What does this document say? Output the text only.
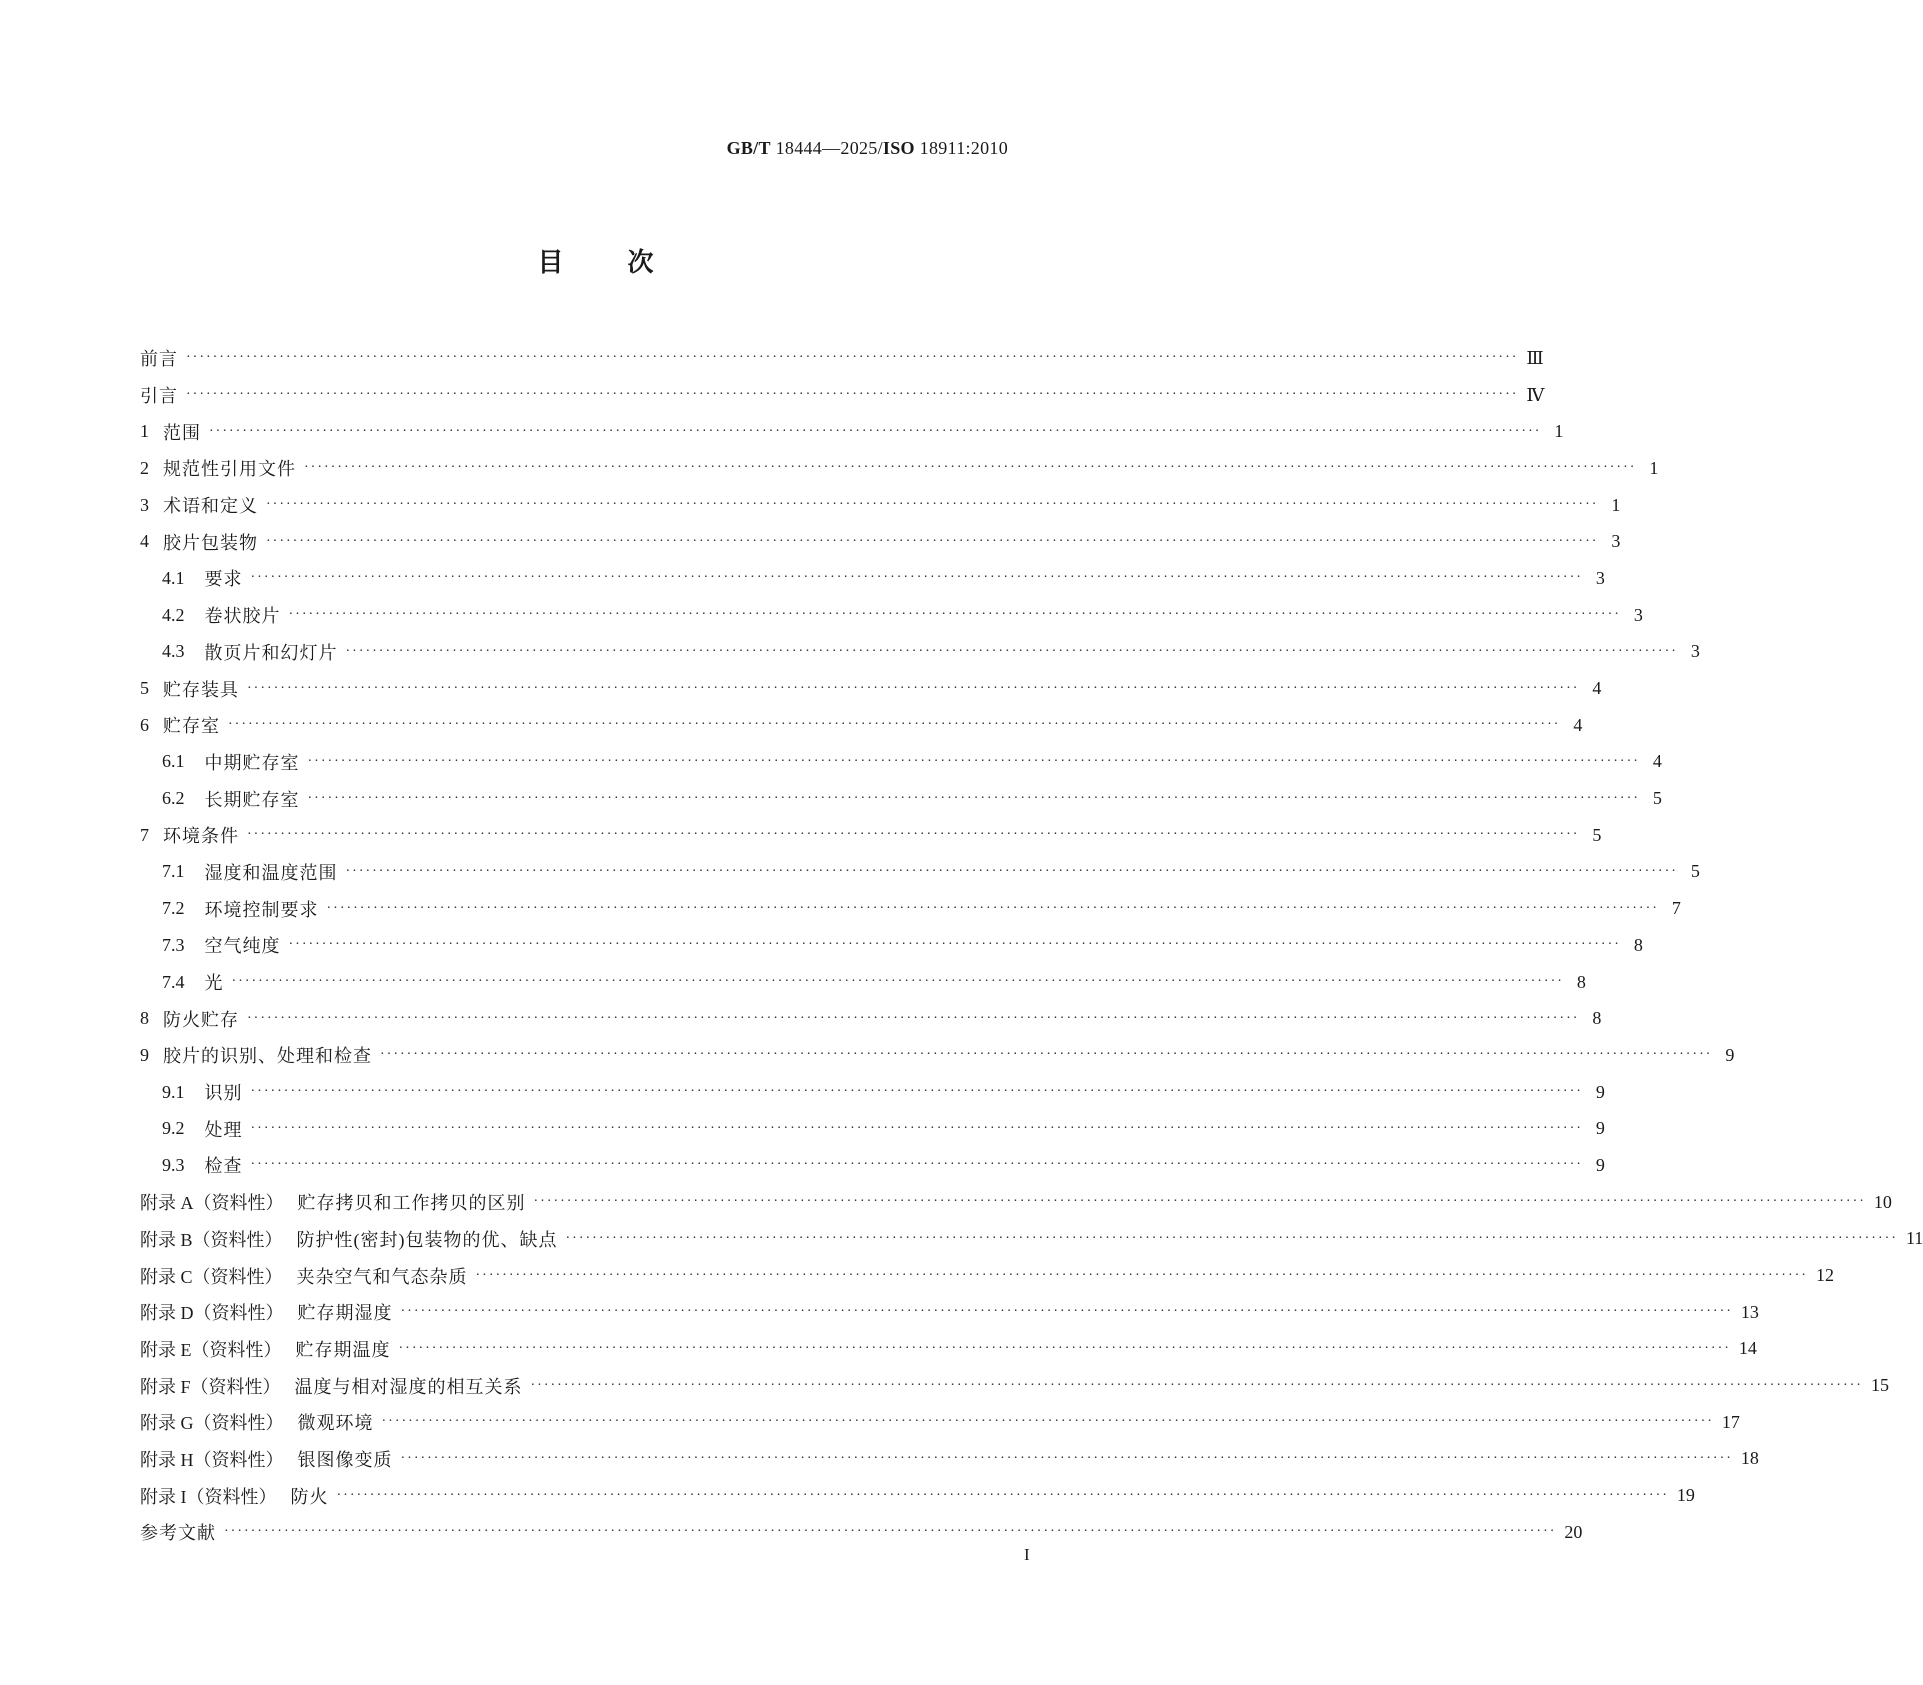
GB/T 18444—2025/ISO 18911:2010
目 次
前言 ········································································································································································································ Ⅲ
引言 ········································································································································································································ Ⅳ
1 范围 ········································································································································································································ 1
2 规范性引用文件 ········································································································································································································ 1
3 术语和定义 ········································································································································································································ 1
4 胶片包装物 ········································································································································································································ 3
4.1 要求 ········································································································································································································ 3
4.2 卷状胶片 ········································································································································································································ 3
4.3 散页片和幻灯片 ········································································································································································································ 3
5 贮存装具 ········································································································································································································ 4
6 贮存室 ········································································································································································································ 4
6.1 中期贮存室 ········································································································································································································ 4
6.2 长期贮存室 ········································································································································································································ 5
7 环境条件 ········································································································································································································ 5
7.1 湿度和温度范围 ········································································································································································································ 5
7.2 环境控制要求 ········································································································································································································ 7
7.3 空气纯度 ········································································································································································································ 8
7.4 光 ········································································································································································································ 8
8 防火贮存 ········································································································································································································ 8
9 胶片的识别、处理和检查 ········································································································································································································ 9
9.1 识别 ········································································································································································································ 9
9.2 处理 ········································································································································································································ 9
9.3 检查 ········································································································································································································ 9
附录 A（资料性） 贮存拷贝和工作拷贝的区别 ········································································································································································································ 10
附录 B（资料性） 防护性(密封)包装物的优、缺点 ········································································································································································································ 11
附录 C（资料性） 夹杂空气和气态杂质 ········································································································································································································ 12
附录 D（资料性） 贮存期湿度 ········································································································································································································ 13
附录 E（资料性） 贮存期温度 ········································································································································································································ 14
附录 F（资料性） 温度与相对湿度的相互关系 ········································································································································································································ 15
附录 G（资料性） 微观环境 ········································································································································································································ 17
附录 H（资料性） 银图像变质 ········································································································································································································ 18
附录 I（资料性） 防火 ········································································································································································································ 19
参考文献 ········································································································································································································ 20
I
